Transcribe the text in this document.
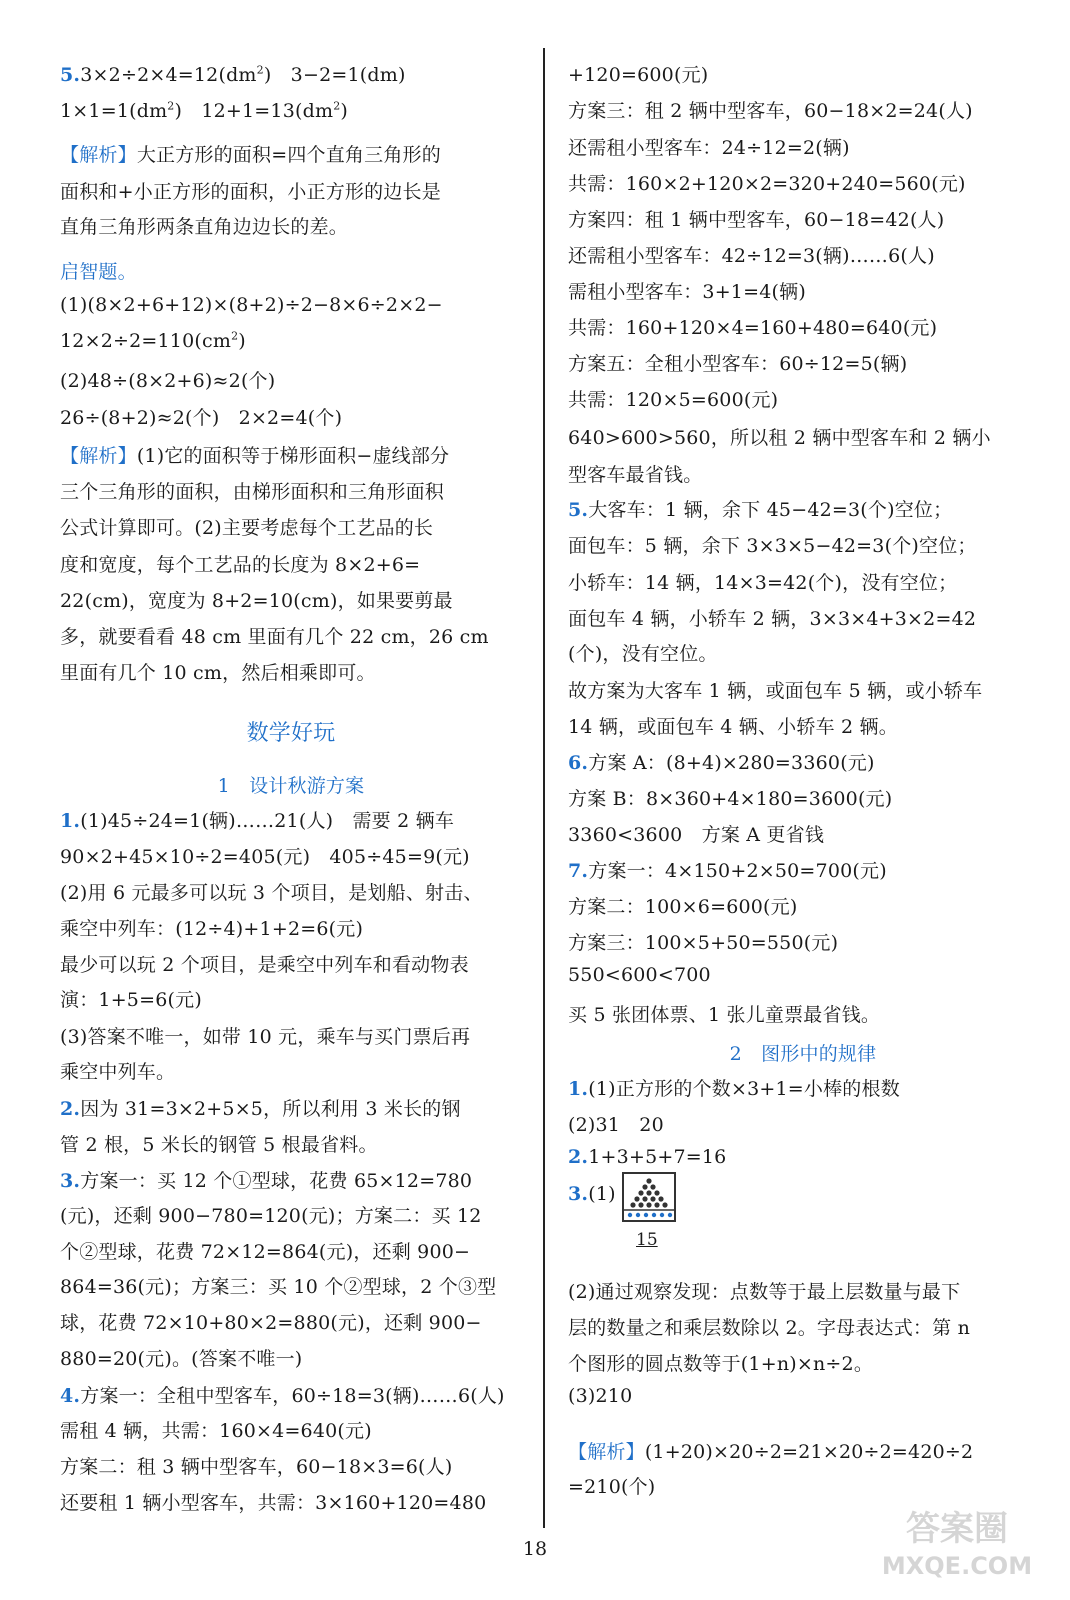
$5.3\times 2\div 2\times 4=12(dm^2)$　3−2=1(dm)
$1\times 1=1(dm^2)$　$12+1=13(dm^2)$
【解析】大正方形的面积=四个直角三角形的
面积和+小正方形的面积，小正方形的边长是
直角三角形两条直角边边长的差。
启智题。
(1)(8×2+6+12)×(8+2)÷2−8×6÷2×2−
$12\times 2\div 2=110(cm^2)$
(2)48÷(8×2+6)≈2(个)
26÷(8+2)≈2(个)　2×2=4(个)
【解析】(1)它的面积等于梯形面积−虚线部分
三个三角形的面积，由梯形面积和三角形面积
公式计算即可。(2)主要考虑每个工艺品的长
度和宽度，每个工艺品的长度为 8×2+6=
22(cm)，宽度为 8+2=10(cm)，如果要剪最
多，就要看看 48 cm 里面有几个 22 cm，26 cm
里面有几个 10 cm，然后相乘即可。
数学好玩
1　设计秋游方案
1.(1)45÷24=1(辆)……21(人)　需要 2 辆车
90×2+45×10÷2=405(元)　405÷45=9(元)
(2)用 6 元最多可以玩 3 个项目，是划船、射击、
乘空中列车：(12÷4)+1+2=6(元)
最少可以玩 2 个项目，是乘空中列车和看动物表
演：1+5=6(元)
(3)答案不唯一，如带 10 元，乘车与买门票后再
乘空中列车。
2.因为 31=3×2+5×5，所以利用 3 米长的钢
管 2 根，5 米长的钢管 5 根最省料。
3.方案一：买 12 个①型球，花费 65×12=780
(元)，还剩 900−780=120(元)；方案二：买 12
个②型球，花费 72×12=864(元)，还剩 900−
864=36(元)；方案三：买 10 个②型球，2 个③型
球，花费 72×10+80×2=880(元)，还剩 900−
880=20(元)。(答案不唯一)
4.方案一：全租中型客车，60÷18=3(辆)……6(人)
需租 4 辆，共需：160×4=640(元)
方案二：租 3 辆中型客车，60−18×3=6(人)
还要租 1 辆小型客车，共需：3×160+120=480
+120=600(元)
方案三：租 2 辆中型客车，60−18×2=24(人)
还需租小型客车：24÷12=2(辆)
共需：160×2+120×2=320+240=560(元)
方案四：租 1 辆中型客车，60−18=42(人)
还需租小型客车：42÷12=3(辆)……6(人)
需租小型客车：3+1=4(辆)
共需：160+120×4=160+480=640(元)
方案五：全租小型客车：60÷12=5(辆)
共需：120×5=600(元)
640>600>560，所以租 2 辆中型客车和 2 辆小
型客车最省钱。
5.大客车：1 辆，余下 45−42=3(个)空位；
面包车：5 辆，余下 3×3×5−42=3(个)空位；
小轿车：14 辆，14×3=42(个)，没有空位；
面包车 4 辆，小轿车 2 辆，3×3×4+3×2=42
(个)，没有空位。
故方案为大客车 1 辆，或面包车 5 辆，或小轿车
14 辆，或面包车 4 辆、小轿车 2 辆。
6.方案 A：(8+4)×280=3360(元)
方案 B：8×360+4×180=3600(元)
3360<3600　方案 A 更省钱
7.方案一：4×150+2×50=700(元)
方案二：100×6=600(元)
方案三：100×5+50=550(元)
550<600<700
买 5 张团体票、1 张儿童票最省钱。
2　图形中的规律
1.(1)正方形的个数×3+1=小棒的根数
(2)31　20
2.1+3+5+7=16
3.(1)
(2)通过观察发现：点数等于最上层数量与最下
层的数量之和乘层数除以 2。字母表达式：第 n
个图形的圆点数等于(1+n)×n÷2。
(3)210
【解析】(1+20)×20÷2=21×20÷2=420÷2
=210(个)
15
18	答案圈
MXQE.COM
